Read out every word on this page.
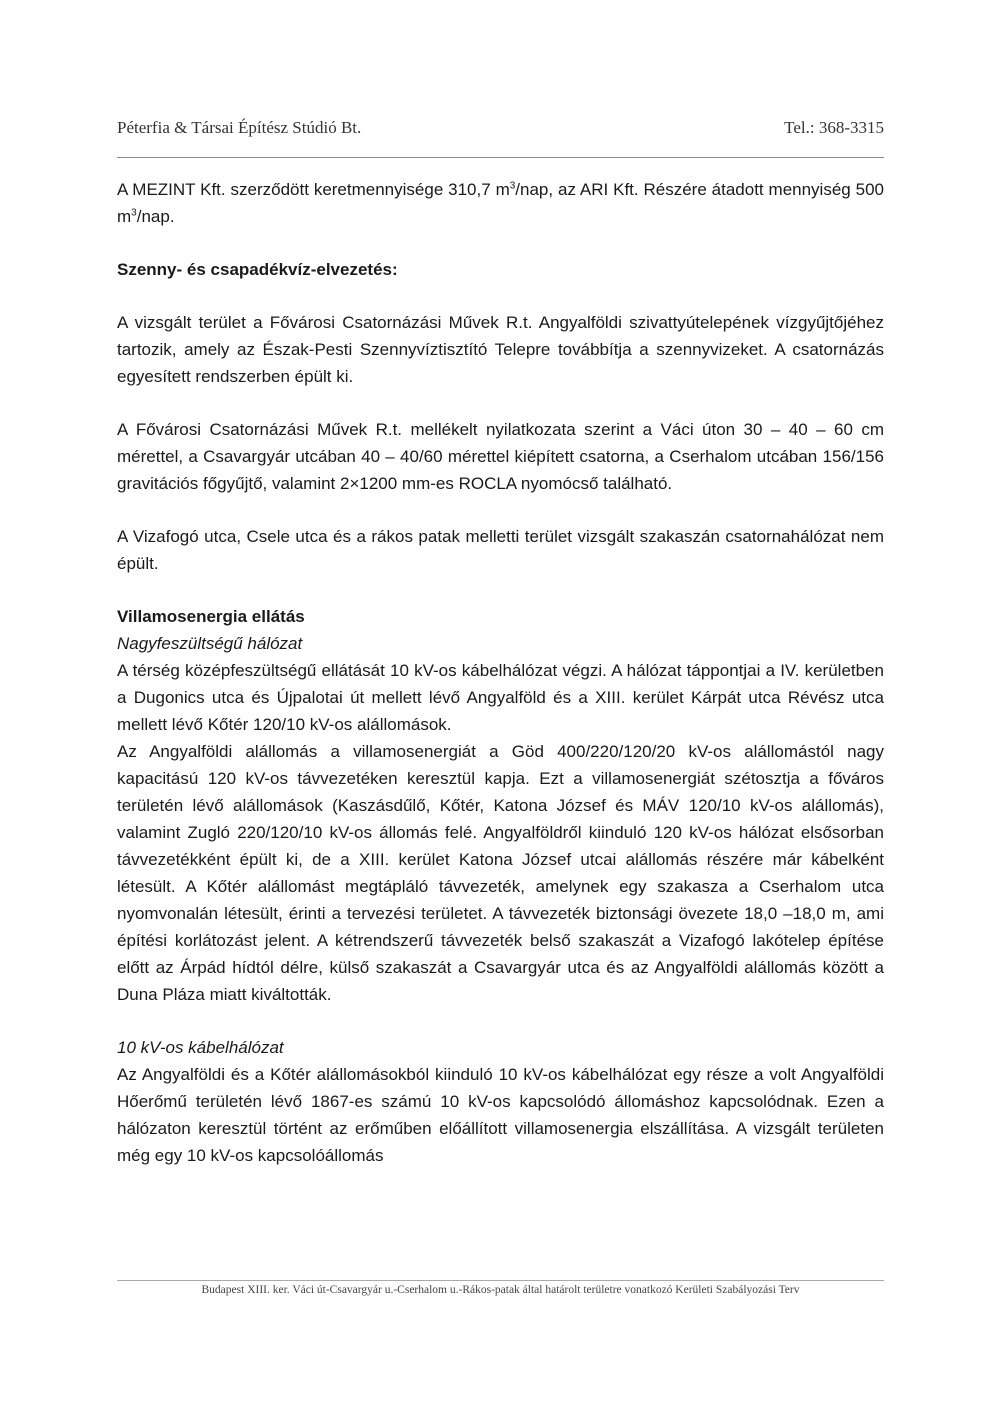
Péterfia & Társai Építész Stúdió Bt.	Tel.: 368-3315

A MEZINT Kft. szerződött keretmennyisége 310,7 $m^3$/nap, az ARI Kft. Részére átadott mennyiség 500 $m^3$/nap.

Szenny- és csapadékvíz-elvezetés:

A vizsgált terület a Fővárosi Csatornázási Művek R.t. Angyalföldi szivattyútelepének vízgyűjtőjéhez tartozik, amely az Észak-Pesti Szennyvíztisztító Telepre továbbítja a szennyvizeket. A csatornázás egyesített rendszerben épült ki.

A Fővárosi Csatornázási Művek R.t. mellékelt nyilatkozata szerint a Váci úton 30 – 40 – 60 cm mérettel, a Csavargyár utcában 40 – 40/60 mérettel kiépített csatorna, a Cserhalom utcában 156/156 gravitációs főgyűjtő, valamint 2×1200 mm-es ROCLA nyomócső található.

A Vizafogó utca, Csele utca és a rákos patak melletti terület vizsgált szakaszán csatornahálózat nem épült.

Villamosenergia ellátás

Nagyfeszültségű hálózat

A térség középfeszültségű ellátását 10 kV-os kábelhálózat végzi. A hálózat táppontjai a IV. kerületben a Dugonics utca és Újpalotai út mellett lévő Angyalföld és a XIII. kerület Kárpát utca Révész utca mellett lévő Kőtér 120/10 kV-os alállomások.

Az Angyalföldi alállomás a villamosenergiát a Göd 400/220/120/20 kV-os alállomástól nagy kapacitású 120 kV-os távvezetéken keresztül kapja. Ezt a villamosenergiát szétosztja a főváros területén lévő alállomások (Kaszásdűlő, Kőtér, Katona József és MÁV 120/10 kV-os alállomás), valamint Zugló 220/120/10 kV-os állomás felé. Angyalföldről kiinduló 120 kV-os hálózat elsősorban távvezetékként épült ki, de a XIII. kerület Katona József utcai alállomás részére már kábelként létesült. A Kőtér alállomást megtápláló távvezeték, amelynek egy szakasza a Cserhalom utca nyomvonalán létesült, érinti a tervezési területet. A távvezeték biztonsági övezete 18,0 –18,0 m, ami építési korlátozást jelent. A kétrendszerű távvezeték belső szakaszát a Vizafogó lakótelep építése előtt az Árpád hídtól délre, külső szakaszát a Csavargyár utca és az Angyalföldi alállomás között a Duna Pláza miatt kiváltották.

10 kV-os kábelhálózat

Az Angyalföldi és a Kőtér alállomásokból kiinduló 10 kV-os kábelhálózat egy része a volt Angyalföldi Hőerőmű területén lévő 1867-es számú 10 kV-os kapcsolódó állomáshoz kapcsolódnak. Ezen a hálózaton keresztül történt az erőműben előállított villamosenergia elszállítása. A vizsgált területen még egy 10 kV-os kapcsolóállomás

Budapest XIII. ker. Váci út-Csavargyár u.-Cserhalom u.-Rákos-patak által határolt területre vonatkozó Kerületi Szabályozási Terv
